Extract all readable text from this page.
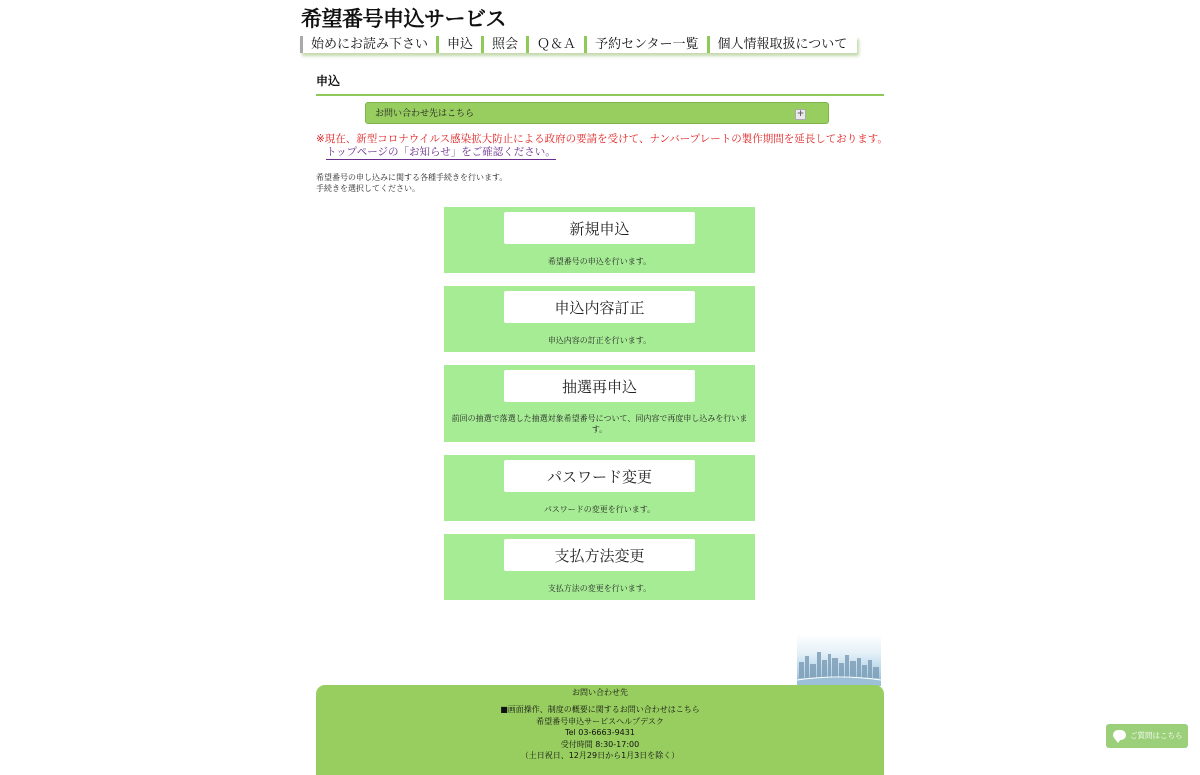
希望番号申込サービス
始めにお読み下さい	申込	照会	Ｑ＆Ａ	予約センター一覧	個人情報取扱について
申込
お問い合わせ先はこちら	+
※現在、新型コロナウイルス感染拡大防止による政府の要請を受けて、ナンバープレートの製作期間を延長しております。
トップページの「お知らせ」をご確認ください。
希望番号の申し込みに関する各種手続きを行います。
手続きを選択してください。
新規申込
希望番号の申込を行います。
申込内容訂正
申込内容の訂正を行います。
抽選再申込
前回の抽選で落選した抽選対象希望番号について、同内容で再度申し込みを行います。
パスワード変更
パスワードの変更を行います。
支払方法変更
支払方法の変更を行います。
お問い合わせ先
■画面操作、制度の概要に関するお問い合わせはこちら
希望番号申込サービスヘルプデスク
Tel 03-6663-9431
受付時間 8:30-17:00
（土日祝日、12月29日から1月3日を除く）
ご質問はこちら
